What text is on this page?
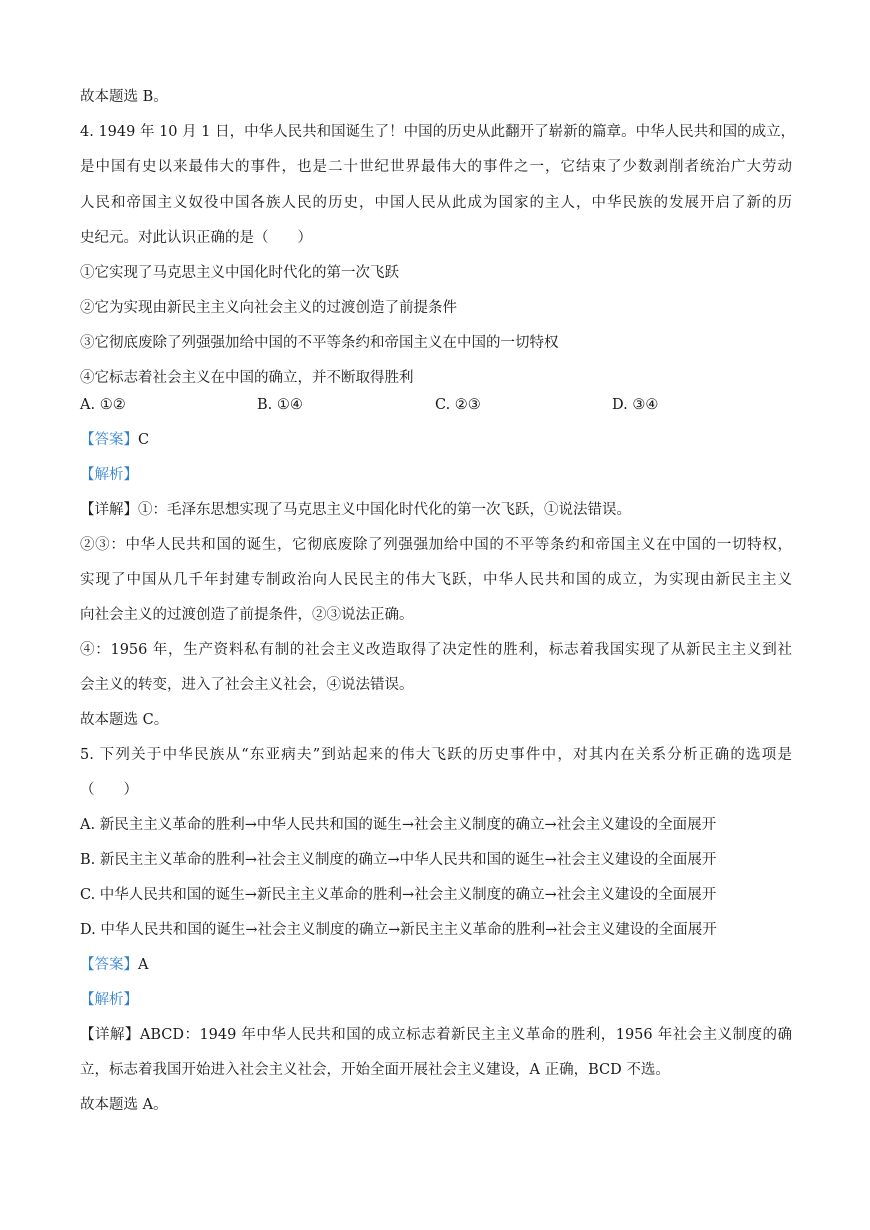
故本题选 B。
4. 1949 年 10 月 1 日，中华人民共和国诞生了！中国的历史从此翻开了崭新的篇章。中华人民共和国的成立，
是中国有史以来最伟大的事件，也是二十世纪世界最伟大的事件之一，它结束了少数剥削者统治广大劳动
人民和帝国主义奴役中国各族人民的历史，中国人民从此成为国家的主人，中华民族的发展开启了新的历
史纪元。对此认识正确的是（　　）
①它实现了马克思主义中国化时代化的第一次飞跃
②它为实现由新民主主义向社会主义的过渡创造了前提条件
③它彻底废除了列强强加给中国的不平等条约和帝国主义在中国的一切特权
④它标志着社会主义在中国的确立，并不断取得胜利
A. ①②	B. ①④	C. ②③	D. ③④
【答案】C
【解析】
【详解】①：毛泽东思想实现了马克思主义中国化时代化的第一次飞跃，①说法错误。
②③：中华人民共和国的诞生，它彻底废除了列强强加给中国的不平等条约和帝国主义在中国的一切特权，
实现了中国从几千年封建专制政治向人民民主的伟大飞跃，中华人民共和国的成立，为实现由新民主主义
向社会主义的过渡创造了前提条件，②③说法正确。
④：1956 年，生产资料私有制的社会主义改造取得了决定性的胜利，标志着我国实现了从新民主主义到社
会主义的转变，进入了社会主义社会，④说法错误。
故本题选 C。
5. 下列关于中华民族从“东亚病夫”到站起来的伟大飞跃的历史事件中，对其内在关系分析正确的选项是
（　　）
A. 新民主主义革命的胜利→中华人民共和国的诞生→社会主义制度的确立→社会主义建设的全面展开
B. 新民主主义革命的胜利→社会主义制度的确立→中华人民共和国的诞生→社会主义建设的全面展开
C. 中华人民共和国的诞生→新民主主义革命的胜利→社会主义制度的确立→社会主义建设的全面展开
D. 中华人民共和国的诞生→社会主义制度的确立→新民主主义革命的胜利→社会主义建设的全面展开
【答案】A
【解析】
【详解】ABCD：1949 年中华人民共和国的成立标志着新民主主义革命的胜利，1956 年社会主义制度的确
立，标志着我国开始进入社会主义社会，开始全面开展社会主义建设，A 正确，BCD 不选。
故本题选 A。
